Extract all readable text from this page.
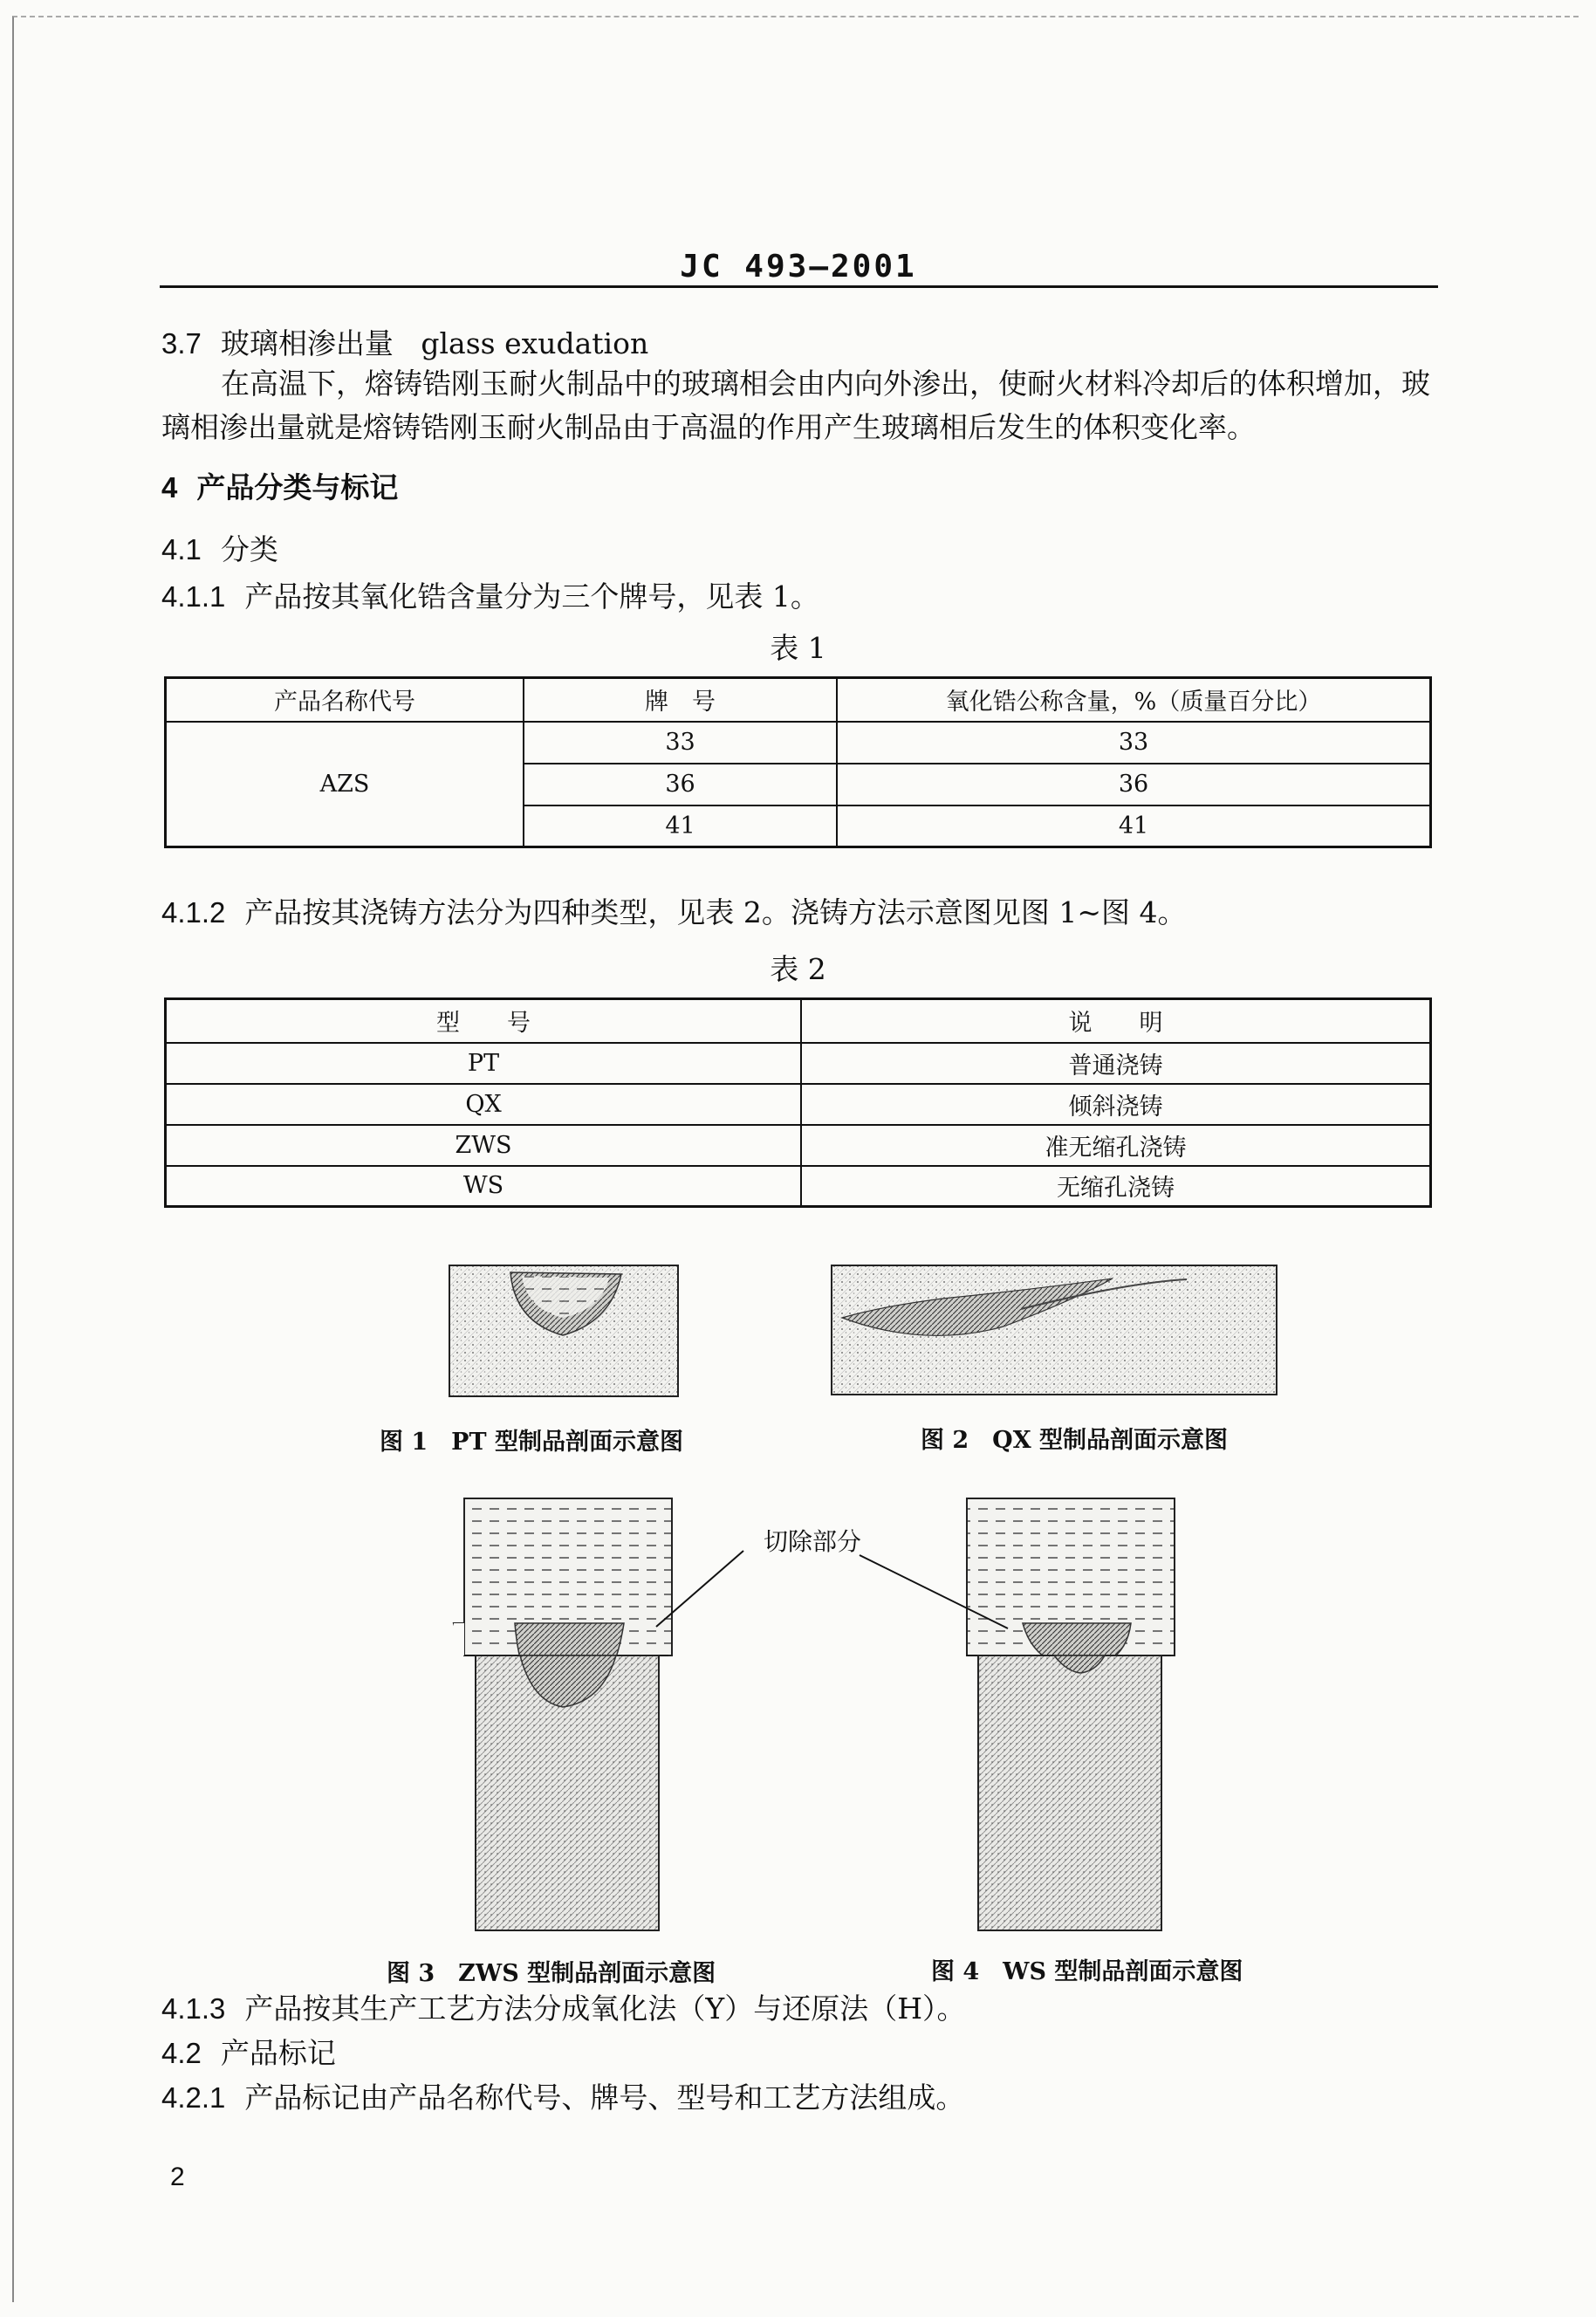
JC 493—2001
3.7 玻璃相渗出量 glass exudation
在高温下，熔铸锆刚玉耐火制品中的玻璃相会由内向外渗出，使耐火材料冷却后的体积增加，玻
璃相渗出量就是熔铸锆刚玉耐火制品由于高温的作用产生玻璃相后发生的体积变化率。
4 产品分类与标记
4.1 分类
4.1.1 产品按其氧化锆含量分为三个牌号，见表 1。
表 1
产品名称代号	牌　号	氧化锆公称含量，%（质量百分比）
AZS	33	33
	36	36
	41	41
4.1.2 产品按其浇铸方法分为四种类型，见表 2。浇铸方法示意图见图 1~图 4。
表 2
型　　号	说　　明
PT	普通浇铸
QX	倾斜浇铸
ZWS	准无缩孔浇铸
WS	无缩孔浇铸
图 1　PT 型制品剖面示意图	图 2　QX 型制品剖面示意图
切除部分
图 3　ZWS 型制品剖面示意图	图 4　WS 型制品剖面示意图
4.1.3 产品按其生产工艺方法分成氧化法（Y）与还原法（H）。
4.2 产品标记
4.2.1 产品标记由产品名称代号、牌号、型号和工艺方法组成。
2
